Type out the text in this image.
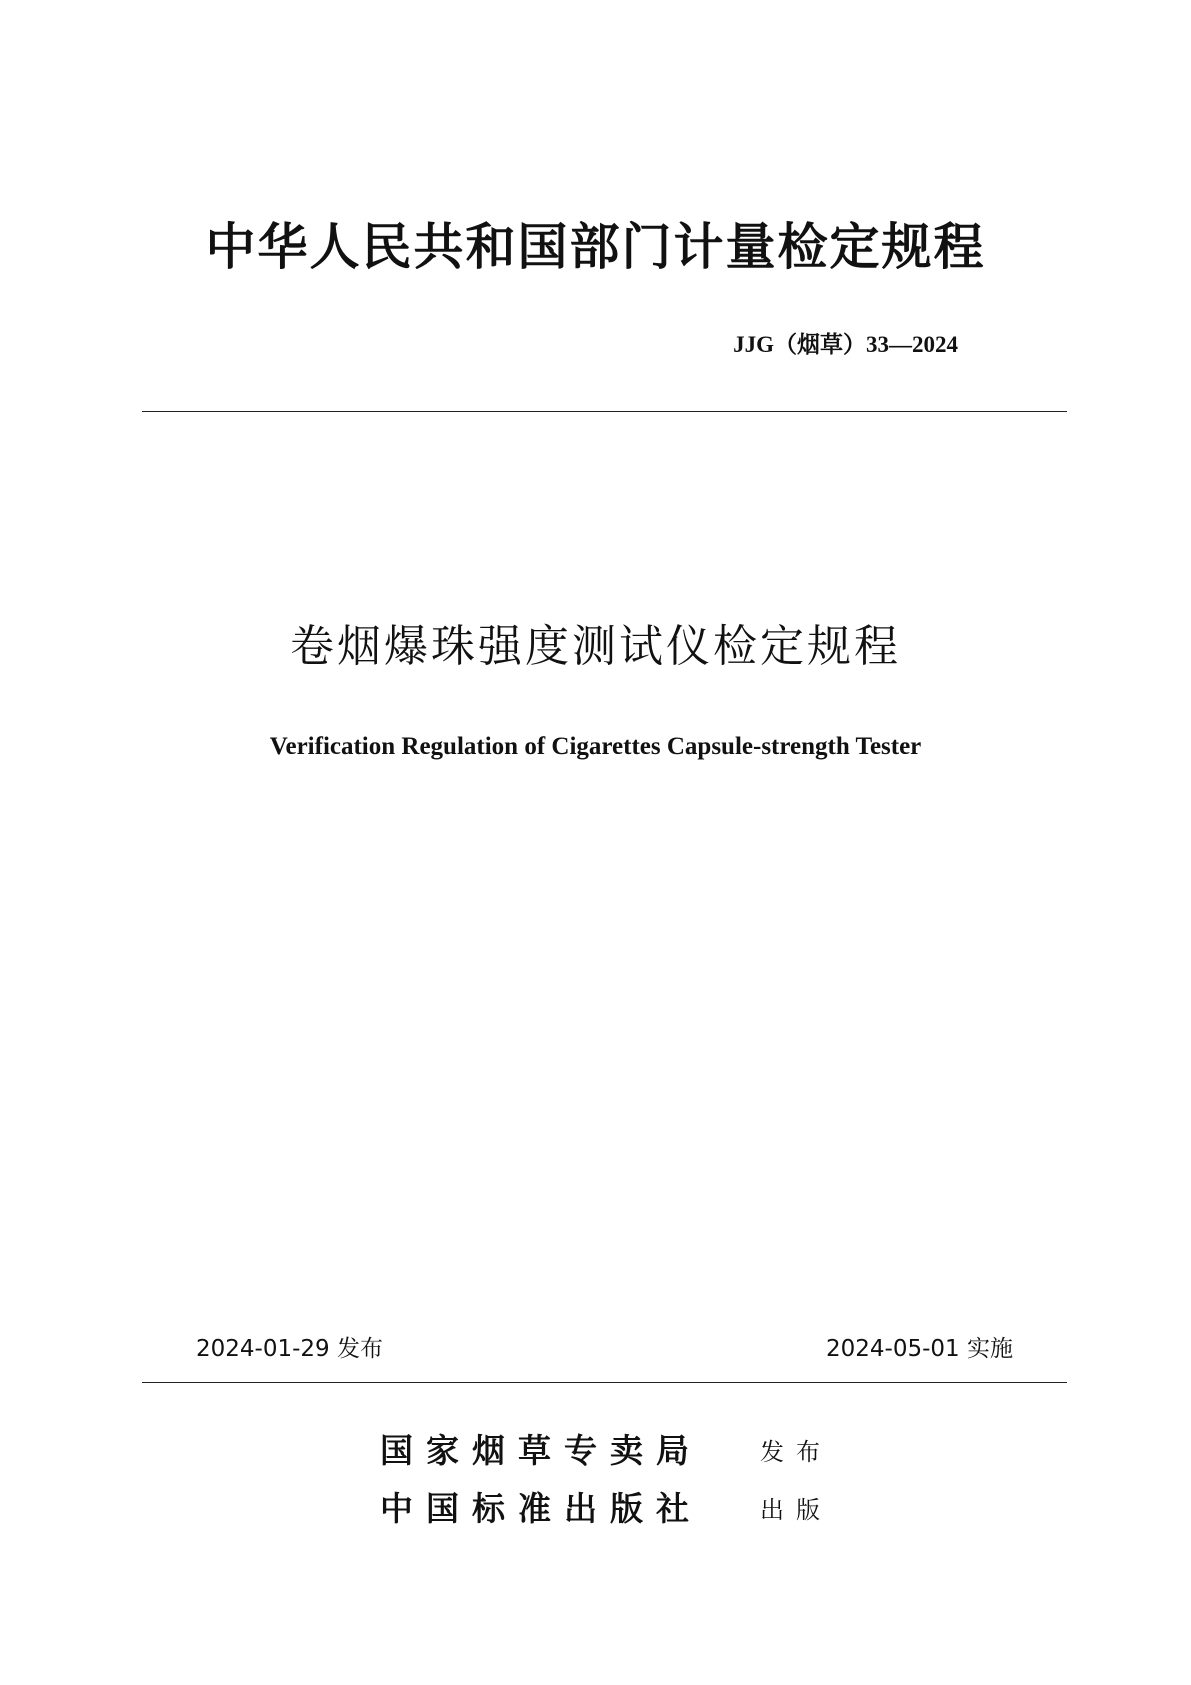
中华人民共和国部门计量检定规程
JJG（烟草）33—2024
卷烟爆珠强度测试仪检定规程
Verification Regulation of Cigarettes Capsule-strength Tester
2024-01-29 发布	2024-05-01 实施
国家烟草专卖局 发布
中国标准出版社 出版
